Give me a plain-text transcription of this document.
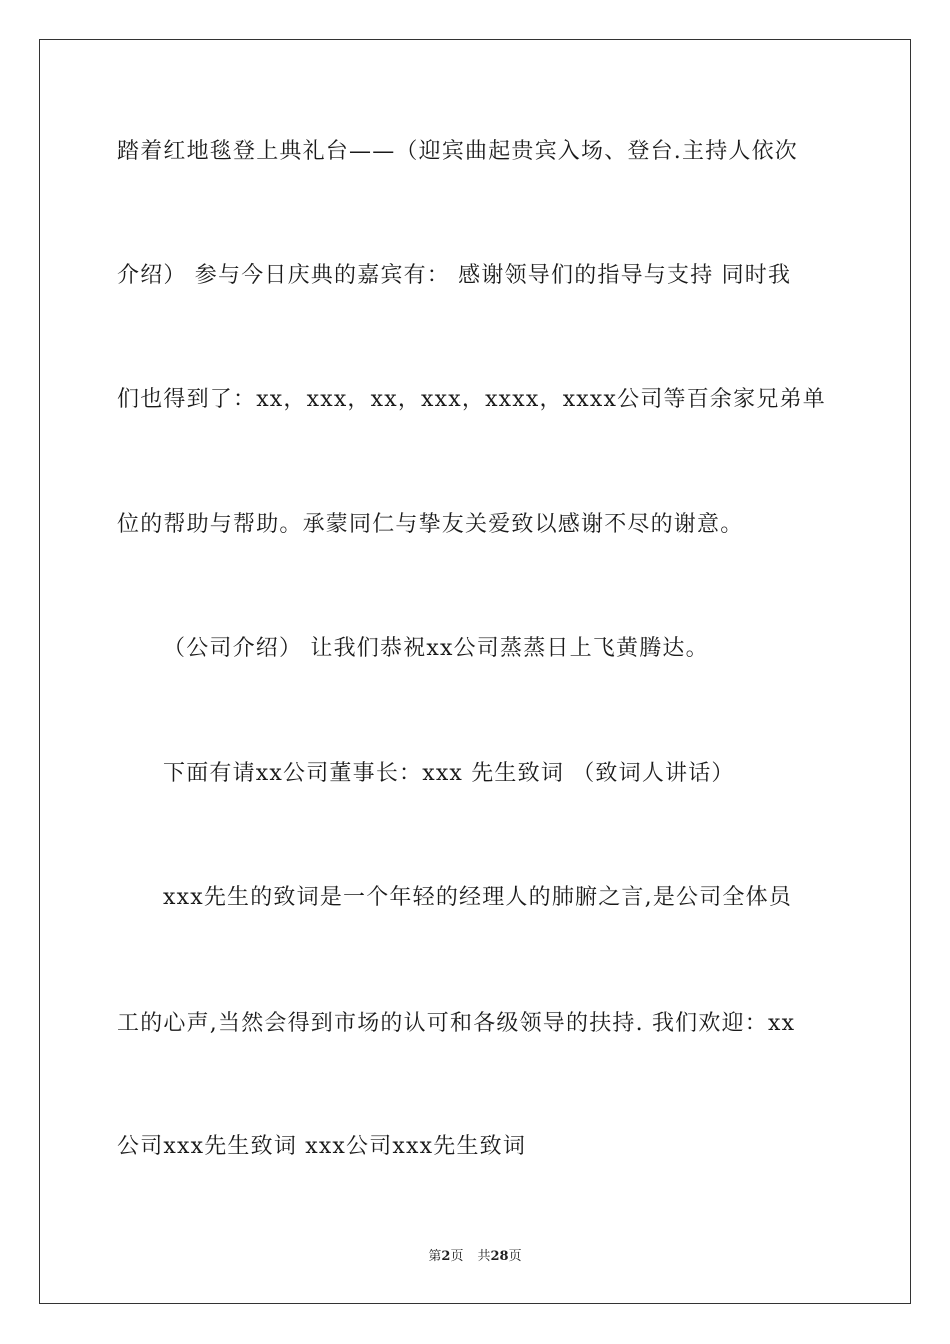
踏着红地毯登上典礼台——（迎宾曲起贵宾入场、登台.主持人依次
介绍） 参与今日庆典的嘉宾有： 感谢领导们的指导与支持 同时我
们也得到了：xx，xxx，xx，xxx，xxxx，xxxx公司等百余家兄弟单
位的帮助与帮助。承蒙同仁与挚友关爱致以感谢不尽的谢意。
（公司介绍） 让我们恭祝xx公司蒸蒸日上飞黄腾达。
下面有请xx公司董事长：xxx 先生致词 （致词人讲话）
xxx先生的致词是一个年轻的经理人的肺腑之言,是公司全体员
工的心声,当然会得到市场的认可和各级领导的扶持. 我们欢迎：xx
公司xxx先生致词 xxx公司xxx先生致词
第2页 共28页
